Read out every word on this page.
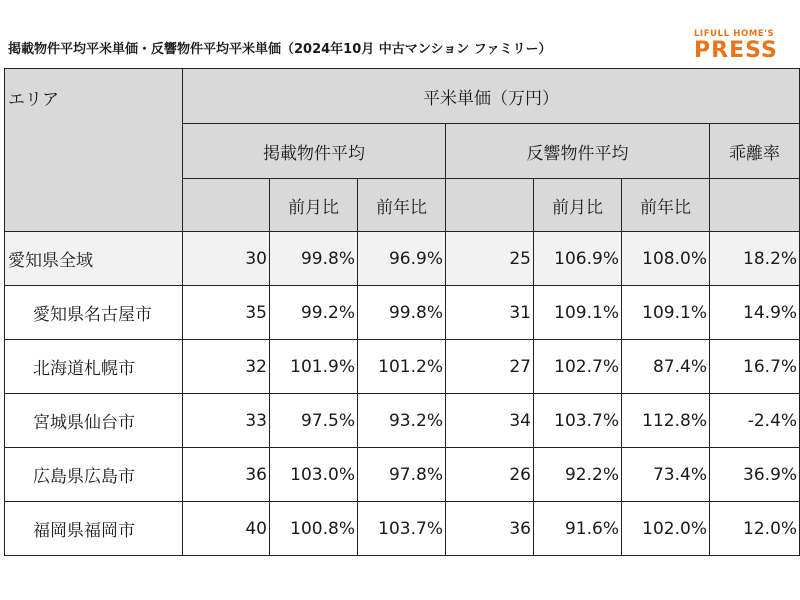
掲載物件平均平米単価・反響物件平均平米単価（2024年10月 中古マンション ファミリー）
LIFULL HOME'S
PRESS
エリア	平米単価（万円）						
	掲載物件平均			反響物件平均			乖離率
		前月比	前年比		前月比	前年比	
愛知県全域	30	99.8%	96.9%	25	106.9%	108.0%	18.2%
愛知県名古屋市	35	99.2%	99.8%	31	109.1%	109.1%	14.9%
北海道札幌市	32	101.9%	101.2%	27	102.7%	87.4%	16.7%
宮城県仙台市	33	97.5%	93.2%	34	103.7%	112.8%	-2.4%
広島県広島市	36	103.0%	97.8%	26	92.2%	73.4%	36.9%
福岡県福岡市	40	100.8%	103.7%	36	91.6%	102.0%	12.0%
